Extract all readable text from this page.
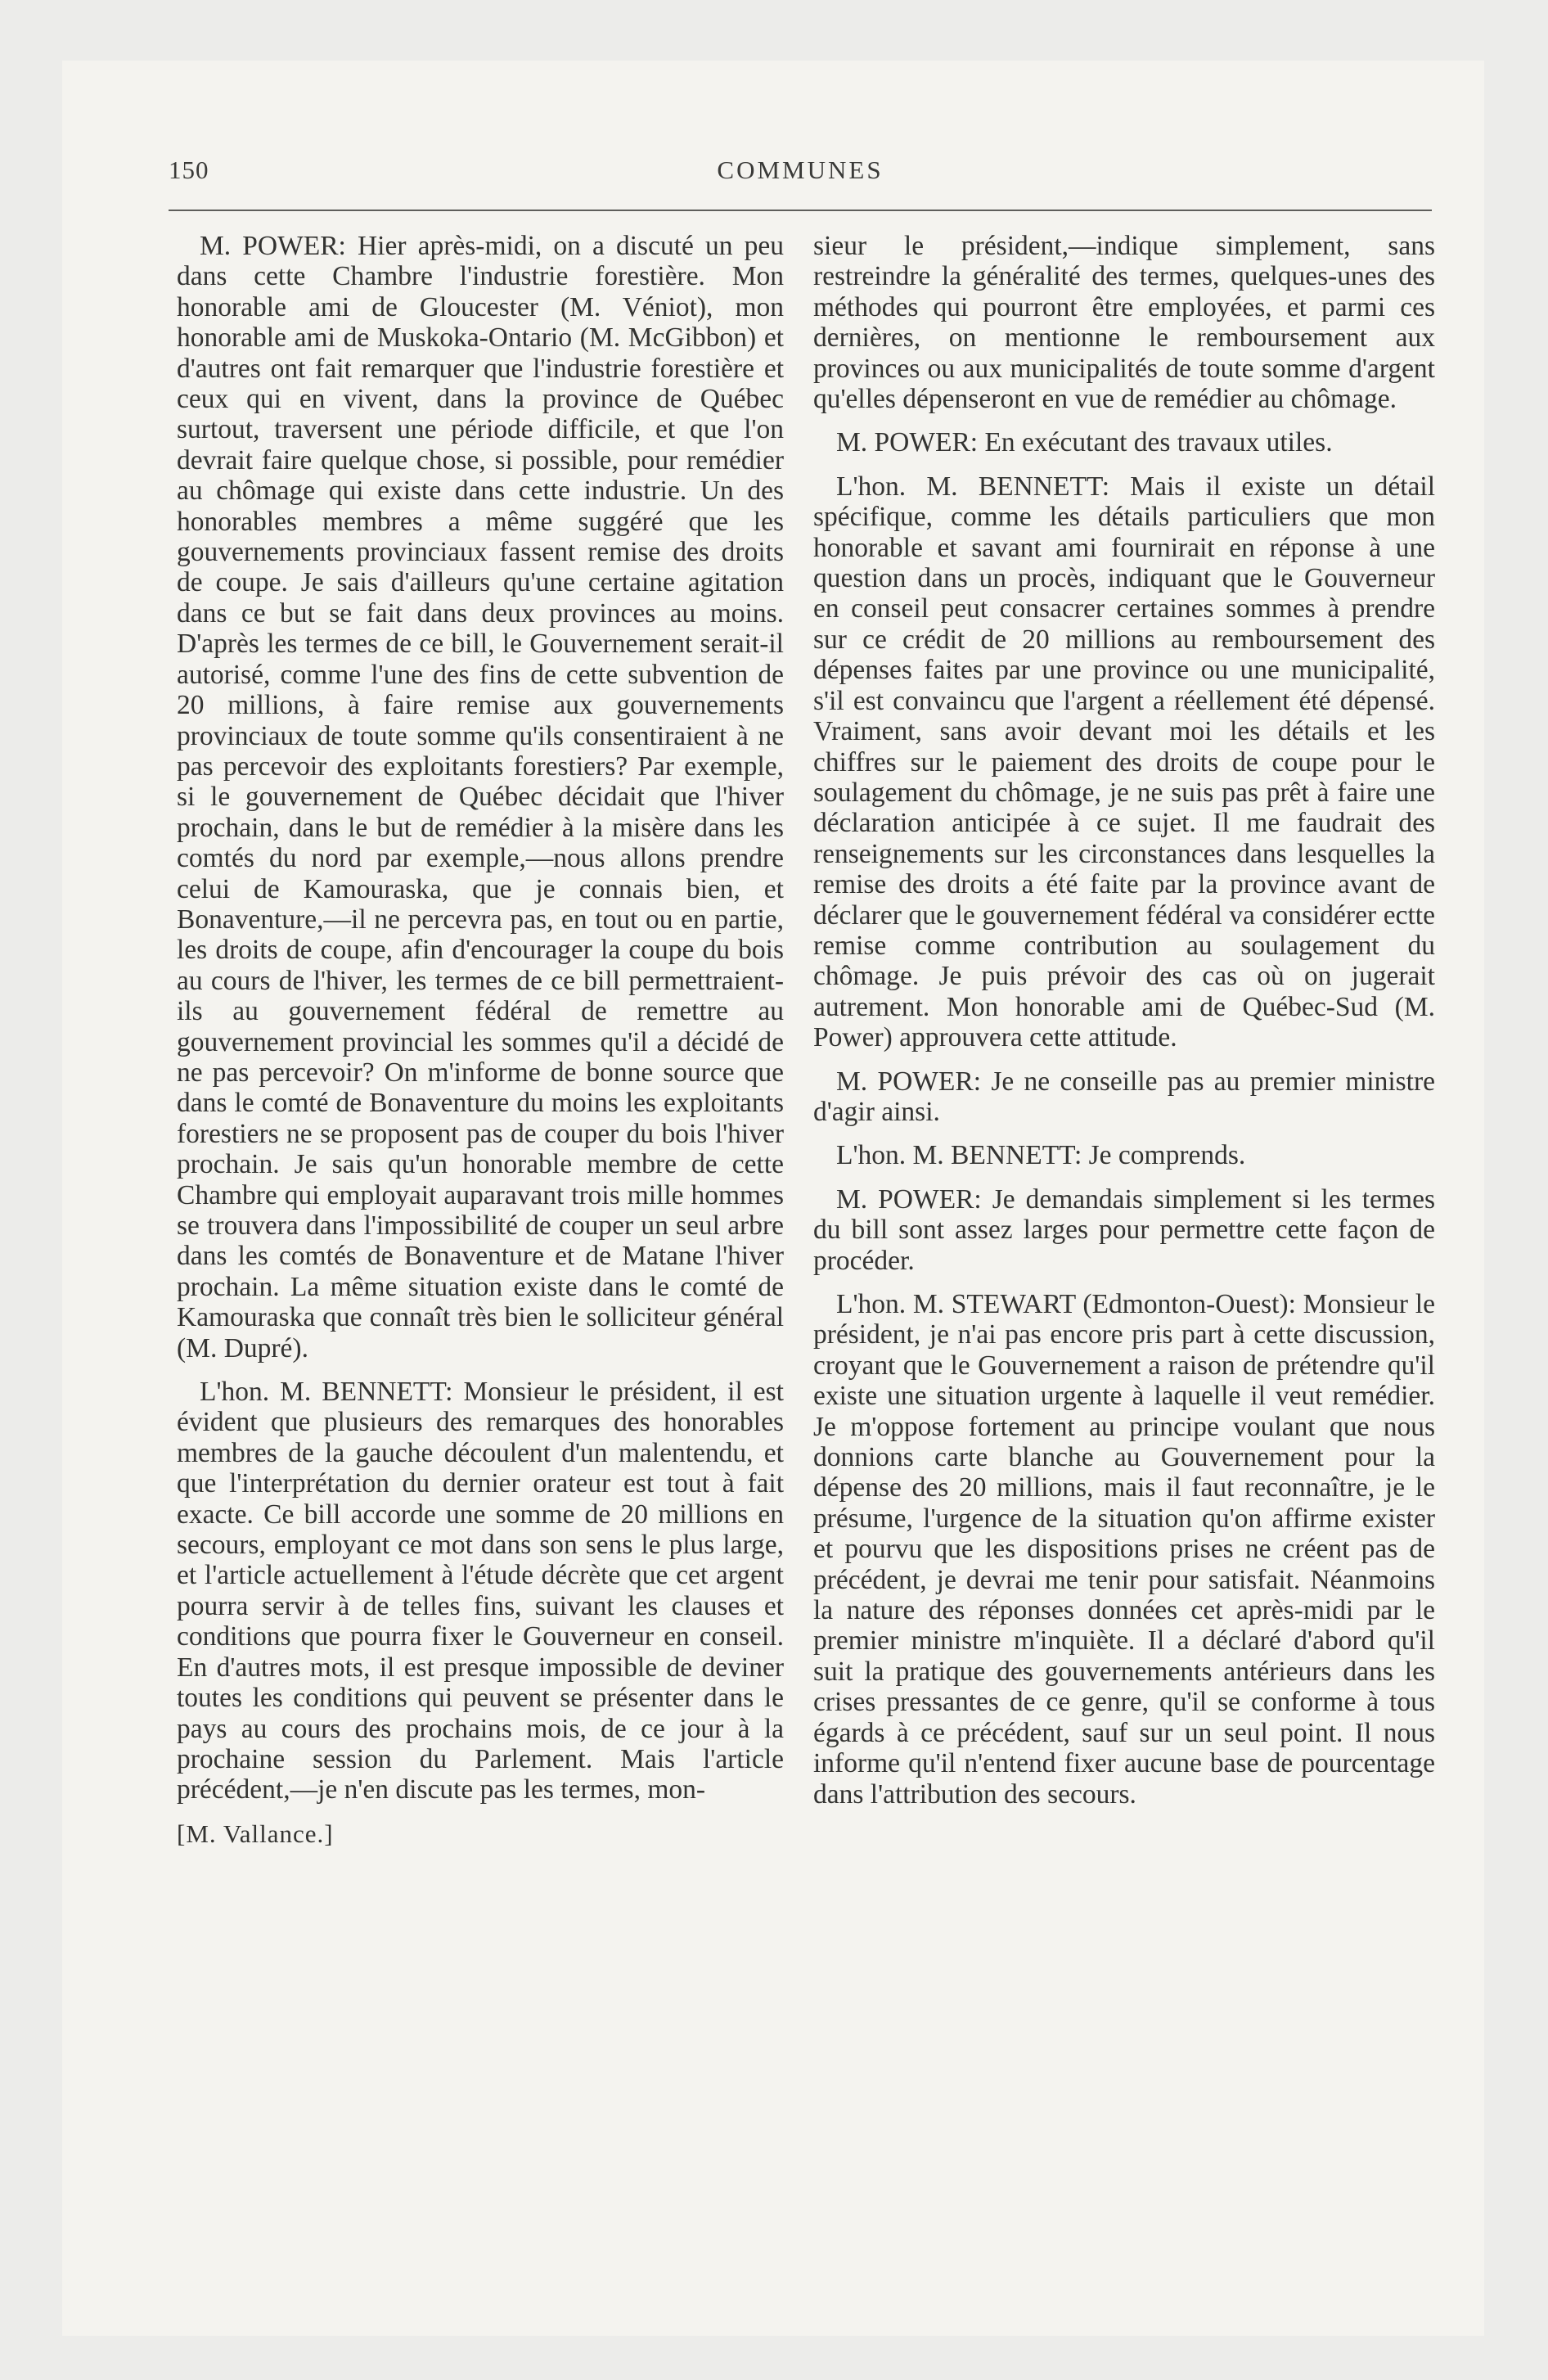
150	COMMUNES

M. POWER: Hier après-midi, on a discuté un peu dans cette Chambre l'industrie forestière. Mon honorable ami de Gloucester (M. Véniot), mon honorable ami de Muskoka-Ontario (M. McGibbon) et d'autres ont fait remarquer que l'industrie forestière et ceux qui en vivent, dans la province de Québec surtout, traversent une période difficile, et que l'on devrait faire quelque chose, si possible, pour remédier au chômage qui existe dans cette industrie. Un des honorables membres a même suggéré que les gouvernements provinciaux fassent remise des droits de coupe. Je sais d'ailleurs qu'une certaine agitation dans ce but se fait dans deux provinces au moins. D'après les termes de ce bill, le Gouvernement serait-il autorisé, comme l'une des fins de cette subvention de 20 millions, à faire remise aux gouvernements provinciaux de toute somme qu'ils consentiraient à ne pas percevoir des exploitants forestiers? Par exemple, si le gouvernement de Québec décidait que l'hiver prochain, dans le but de remédier à la misère dans les comtés du nord par exemple,—nous allons prendre celui de Kamouraska, que je connais bien, et Bonaventure,—il ne percevra pas, en tout ou en partie, les droits de coupe, afin d'encourager la coupe du bois au cours de l'hiver, les termes de ce bill permettraient-ils au gouvernement fédéral de remettre au gouvernement provincial les sommes qu'il a décidé de ne pas percevoir? On m'informe de bonne source que dans le comté de Bonaventure du moins les exploitants forestiers ne se proposent pas de couper du bois l'hiver prochain. Je sais qu'un honorable membre de cette Chambre qui employait auparavant trois mille hommes se trouvera dans l'impossibilité de couper un seul arbre dans les comtés de Bonaventure et de Matane l'hiver prochain. La même situation existe dans le comté de Kamouraska que connaît très bien le solliciteur général (M. Dupré).

L'hon. M. BENNETT: Monsieur le président, il est évident que plusieurs des remarques des honorables membres de la gauche découlent d'un malentendu, et que l'interprétation du dernier orateur est tout à fait exacte. Ce bill accorde une somme de 20 millions en secours, employant ce mot dans son sens le plus large, et l'article actuellement à l'étude décrète que cet argent pourra servir à de telles fins, suivant les clauses et conditions que pourra fixer le Gouverneur en conseil. En d'autres mots, il est presque impossible de deviner toutes les conditions qui peuvent se présenter dans le pays au cours des prochains mois, de ce jour à la prochaine session du Parlement. Mais l'article précédent,—je n'en discute pas les termes, mon-

[M. Vallance.]

sieur le président,—indique simplement, sans restreindre la généralité des termes, quelques-unes des méthodes qui pourront être employées, et parmi ces dernières, on mentionne le remboursement aux provinces ou aux municipalités de toute somme d'argent qu'elles dépenseront en vue de remédier au chômage.

M. POWER: En exécutant des travaux utiles.

L'hon. M. BENNETT: Mais il existe un détail spécifique, comme les détails particuliers que mon honorable et savant ami fournirait en réponse à une question dans un procès, indiquant que le Gouverneur en conseil peut consacrer certaines sommes à prendre sur ce crédit de 20 millions au remboursement des dépenses faites par une province ou une municipalité, s'il est convaincu que l'argent a réellement été dépensé. Vraiment, sans avoir devant moi les détails et les chiffres sur le paiement des droits de coupe pour le soulagement du chômage, je ne suis pas prêt à faire une déclaration anticipée à ce sujet. Il me faudrait des renseignements sur les circonstances dans lesquelles la remise des droits a été faite par la province avant de déclarer que le gouvernement fédéral va considérer ectte remise comme contribution au soulagement du chômage. Je puis prévoir des cas où on jugerait autrement. Mon honorable ami de Québec-Sud (M. Power) approuvera cette attitude.

M. POWER: Je ne conseille pas au premier ministre d'agir ainsi.

L'hon. M. BENNETT: Je comprends.

M. POWER: Je demandais simplement si les termes du bill sont assez larges pour permettre cette façon de procéder.

L'hon. M. STEWART (Edmonton-Ouest): Monsieur le président, je n'ai pas encore pris part à cette discussion, croyant que le Gouvernement a raison de prétendre qu'il existe une situation urgente à laquelle il veut remédier. Je m'oppose fortement au principe voulant que nous donnions carte blanche au Gouvernement pour la dépense des 20 millions, mais il faut reconnaître, je le présume, l'urgence de la situation qu'on affirme exister et pourvu que les dispositions prises ne créent pas de précédent, je devrai me tenir pour satisfait. Néanmoins la nature des réponses données cet après-midi par le premier ministre m'inquiète. Il a déclaré d'abord qu'il suit la pratique des gouvernements antérieurs dans les crises pressantes de ce genre, qu'il se conforme à tous égards à ce précédent, sauf sur un seul point. Il nous informe qu'il n'entend fixer aucune base de pourcentage dans l'attribution des secours.
